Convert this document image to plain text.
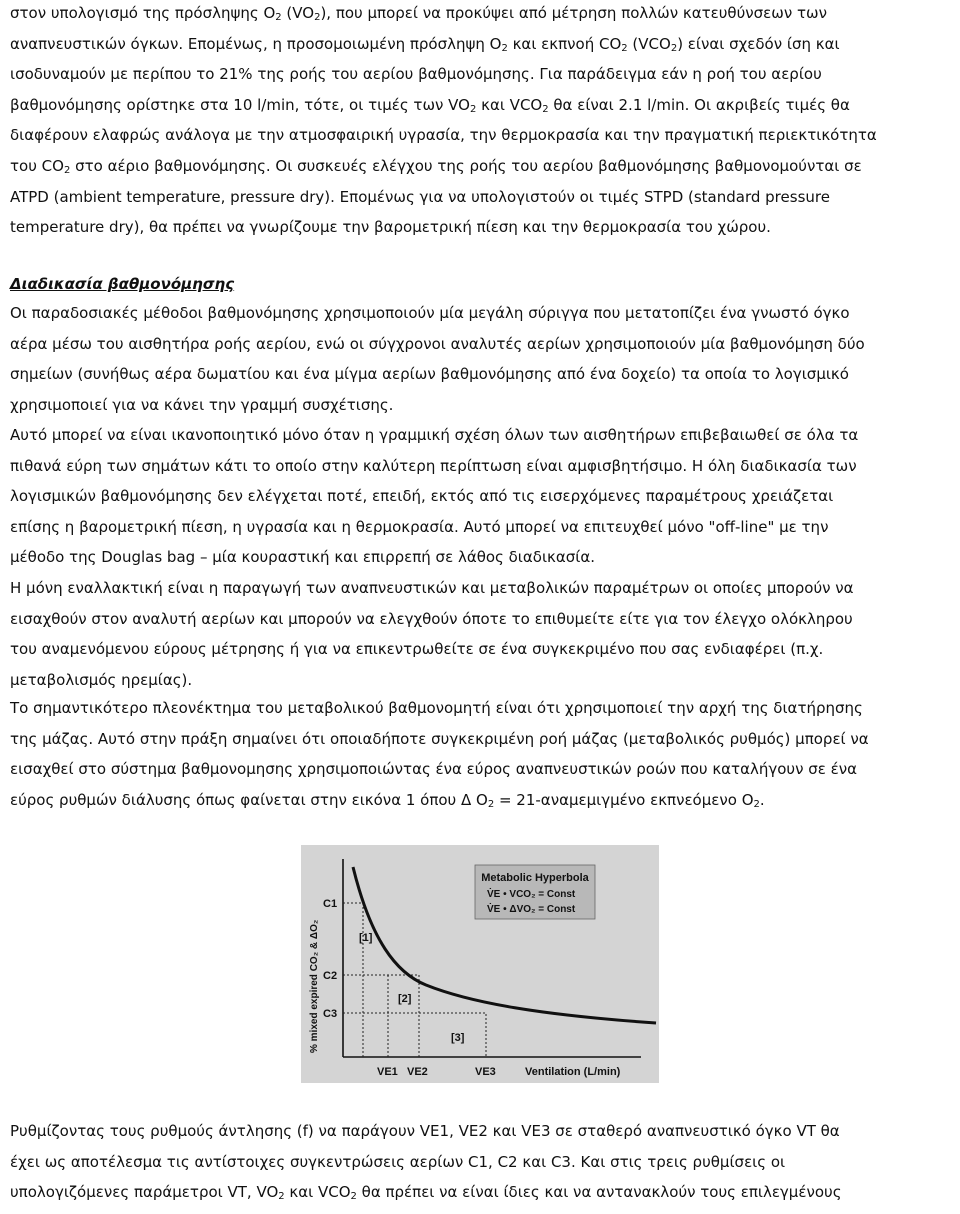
στον υπολογισμό της πρόσληψης $O_2$ $(VO_2)$, που μπορεί να προκύψει από μέτρηση πολλών κατευθύνσεων των
αναπνευστικών όγκων. Επομένως, η προσομοιωμένη πρόσληψη $O_2$ και εκπνοή $CO_2$ $(VCO_2)$ είναι σχεδόν ίση και
ισοδυναμούν με περίπου το 21% της ροής του αερίου βαθμονόμησης. Για παράδειγμα εάν η ροή του αερίου
βαθμονόμησης ορίστηκε στα 10 l/min, τότε, οι τιμές των $VO_2$ και $VCO_2$ θα είναι 2.1 l/min. Οι ακριβείς τιμές θα
διαφέρουν ελαφρώς ανάλογα με την ατμοσφαιρική υγρασία, την θερμοκρασία και την πραγματική περιεκτικότητα
του $CO_2$ στο αέριο βαθμονόμησης. Οι συσκευές ελέγχου της ροής του αερίου βαθμονόμησης βαθμονομούνται σε
ATPD (ambient temperature, pressure dry). Επομένως για να υπολογιστούν οι τιμές STPD (standard pressure
temperature dry), θα πρέπει να γνωρίζουμε την βαρομετρική πίεση και την θερμοκρασία του χώρου.

Διαδικασία βαθμονόμησης

Οι παραδοσιακές μέθοδοι βαθμονόμησης χρησιμοποιούν μία μεγάλη σύριγγα που μετατοπίζει ένα γνωστό όγκο
αέρα μέσω του αισθητήρα ροής αερίου, ενώ οι σύγχρονοι αναλυτές αερίων χρησιμοποιούν μία βαθμονόμηση δύο
σημείων (συνήθως αέρα δωματίου και ένα μίγμα αερίων βαθμονόμησης από ένα δοχείο) τα οποία το λογισμικό
χρησιμοποιεί για να κάνει την γραμμή συσχέτισης.

Αυτό μπορεί να είναι ικανοποιητικό μόνο όταν η γραμμική σχέση όλων των αισθητήρων επιβεβαιωθεί σε όλα τα
πιθανά εύρη των σημάτων κάτι το οποίο στην καλύτερη περίπτωση είναι αμφισβητήσιμο. Η όλη διαδικασία των
λογισμικών βαθμονόμησης δεν ελέγχεται ποτέ, επειδή, εκτός από τις εισερχόμενες παραμέτρους χρειάζεται
επίσης η βαρομετρική πίεση, η υγρασία και η θερμοκρασία. Αυτό μπορεί να επιτευχθεί μόνο "off-line" με την
μέθοδο της Douglas bag – μία κουραστική και επιρρεπή σε λάθος διαδικασία.

Η μόνη εναλλακτική είναι η παραγωγή των αναπνευστικών και μεταβολικών παραμέτρων οι οποίες μπορούν να
εισαχθούν στον αναλυτή αερίων και μπορούν να ελεγχθούν όποτε το επιθυμείτε είτε για τον έλεγχο ολόκληρου
του αναμενόμενου εύρους μέτρησης ή για να επικεντρωθείτε σε ένα συγκεκριμένο που σας ενδιαφέρει (π.χ.
μεταβολισμός ηρεμίας).

Το σημαντικότερο πλεονέκτημα του μεταβολικού βαθμονομητή είναι ότι χρησιμοποιεί την αρχή της διατήρησης
της μάζας. Αυτό στην πράξη σημαίνει ότι οποιαδήποτε συγκεκριμένη ροή μάζας (μεταβολικός ρυθμός) μπορεί να
εισαχθεί στο σύστημα βαθμονομησης χρησιμοποιώντας ένα εύρος αναπνευστικών ροών που καταλήγουν σε ένα
εύρος ρυθμών διάλυσης όπως φαίνεται στην εικόνα 1 όπου Δ $O_2 = 21-\alpha\nu\alpha\mu\varepsilon\mu\iota\gamma\mu έ\nu o$ εκπνεόμενο $O_2$.

Metabolic Hyperbola
V̇E • VCO₂ = Const
V̇E • ΔVO₂ = Const
% mixed expired CO₂ & ΔO₂
C1
C2
C3
[1]
[2]
[3]
VE1 VE2	VE3	Ventilation (L/min)

Ρυθμίζοντας τους ρυθμούς άντλησης (f) να παράγουν VE1, VE2 και VE3 σε σταθερό αναπνευστικό όγκο VT θα
έχει ως αποτέλεσμα τις αντίστοιχες συγκεντρώσεις αερίων C1, C2 και C3. Και στις τρεις ρυθμίσεις οι
υπολογιζόμενες παράμετροι VT, $VO_2$ και $VCO_2$ θα πρέπει να είναι ίδιες και να αντανακλούν τους επιλεγμένους
